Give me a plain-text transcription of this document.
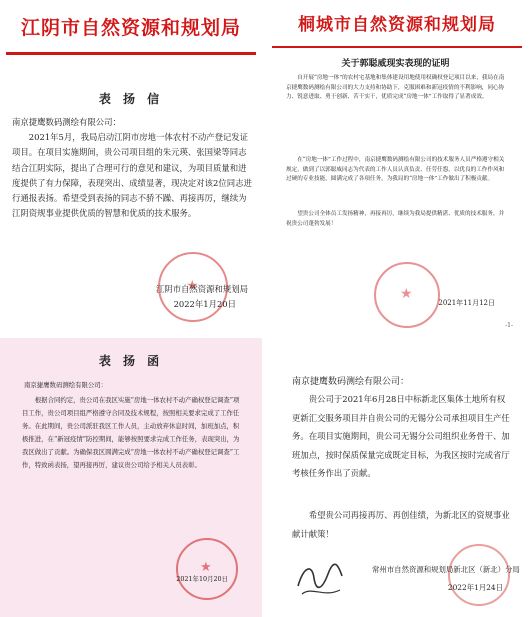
江阴市自然资源和规划局
表 扬 信
南京捷鹰数码测绘有限公司：

2021年5月，我局启动江阴市房地一体农村不动产登记发证项目。在项目实施期间，贵公司项目组的朱元瑛、张国梁等同志结合江阴实际，提出了合理可行的意见和建议，为项目质量和进度提供了有力保障，表现突出、成绩显著，现决定对该2位同志进行通报表扬。希望受到表扬的同志不骄不躁、再接再厉，继续为江阴资规事业提供优质的智慧和优质的技术服务。

★
江阴市自然资源和规划局
2022年1月20日
表 扬 函
南京捷鹰数码测绘有限公司：

根据合同约定，贵公司在我区实施“房地一体农村不动产确权登记调查”项目工作，贵公司项目组严格遵守合同及技术规程，按照相关要求完成了工作任务。在此期间，贵公司派驻我区工作人员，主动放弃休息时间，加班加点，积极推进，在“新冠疫情”防控期间，能够按照要求完成工作任务，表现突出，为我区做出了贡献。为确保我区圆满完成“房地一体农村不动产确权登记调查”工作，特致函表扬，望再接再厉，建议贵公司给予相关人员表彰。

★
2021年10月20日
桐城市自然资源和规划局
关于郭聪威现实表现的证明

自开展“房地一体”的农村宅基地和集体建设用地使用权确权登记项目以来，我局在南京捷鹰数码测绘有限公司的大力支持和协助下，克服困难和新冠疫情的不利影响，同心协力、锐意进取、勇于创新、苦干实干，优质完成“房地一体”工作取得了显著成效。

在“房地一体”工作过程中，南京捷鹰数码测绘有限公司的技术服务人员严格遵守相关规定，做到了以郭聪威同志为代表的工作人员认真负责、任劳任怨，以优良的工作作风和过硬的专业技能，圆满完成了各项任务，为我局的“房地一体”工作做出了积极贡献。

望贵公司全体员工发扬精神，再接再厉，继续为我局提供精湛、优质的技术服务，并祝贵公司蓬勃发展！

★
2021年11月12日
-1-
南京捷鹰数码测绘有限公司：

贵公司于2021年6月28日中标新北区集体土地所有权更新汇交服务项目并自贵公司的无锡分公司承担项目生产任务。在项目实施期间，贵公司无锡分公司组织业务骨干、加班加点，按时保质保量完成既定目标，为我区按时完成省厅考核任务作出了贡献。

希望贵公司再接再厉、再创佳绩，为新北区的资规事业献计献策！

常州市自然资源和规划局新北区（新北）分局
2022年1月24日
